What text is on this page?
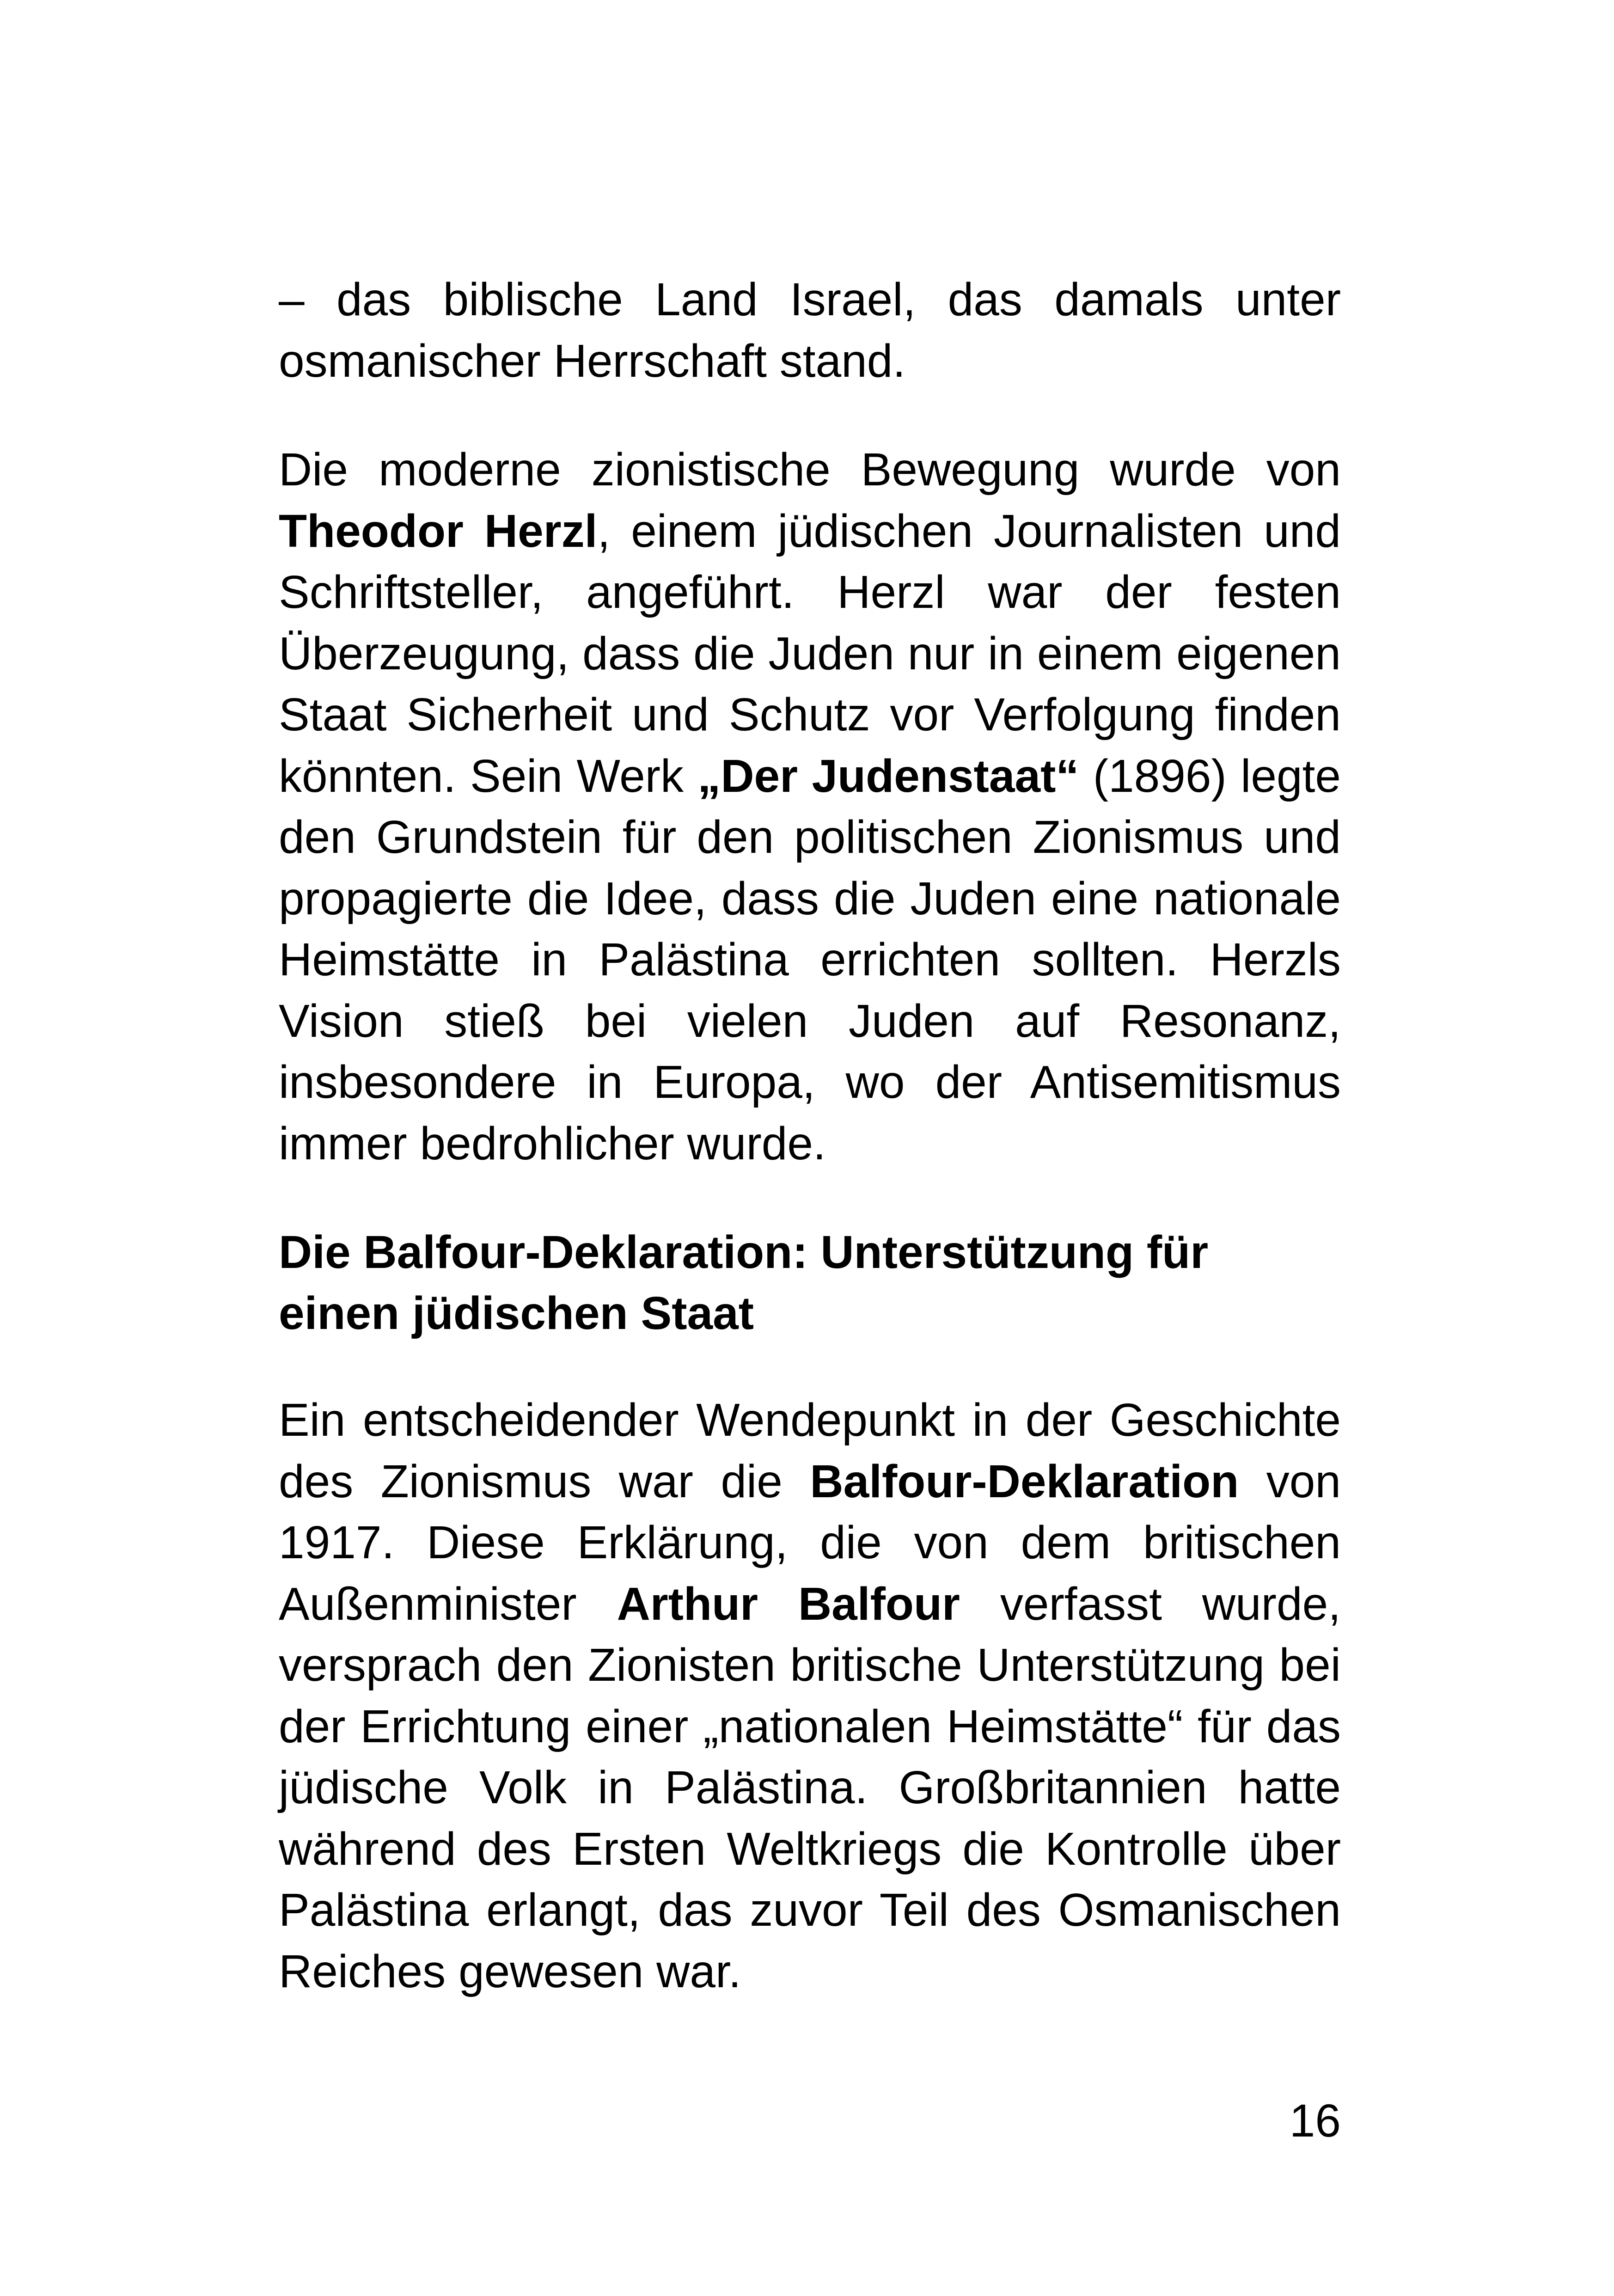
– das biblische Land Israel, das damals unter osmanischer Herrschaft stand.

Die moderne zionistische Bewegung wurde von Theodor Herzl, einem jüdischen Journalisten und Schriftsteller, angeführt. Herzl war der festen Überzeugung, dass die Juden nur in einem eigenen Staat Sicherheit und Schutz vor Verfolgung finden könnten. Sein Werk „Der Judenstaat“ (1896) legte den Grundstein für den politischen Zionismus und propagierte die Idee, dass die Juden eine nationale Heimstätte in Palästina errichten sollten. Herzls Vision stieß bei vielen Juden auf Resonanz, insbesondere in Europa, wo der Antisemitismus immer bedrohlicher wurde.

Die Balfour-Deklaration: Unterstützung für
einen jüdischen Staat

Ein entscheidender Wendepunkt in der Geschichte des Zionismus war die Balfour-Deklaration von 1917. Diese Erklärung, die von dem britischen Außenminister Arthur Balfour verfasst wurde, versprach den Zionisten britische Unterstützung bei der Errichtung einer „nationalen Heimstätte“ für das jüdische Volk in Palästina. Großbritannien hatte während des Ersten Weltkriegs die Kontrolle über Palästina erlangt, das zuvor Teil des Osmanischen Reiches gewesen war.

16
